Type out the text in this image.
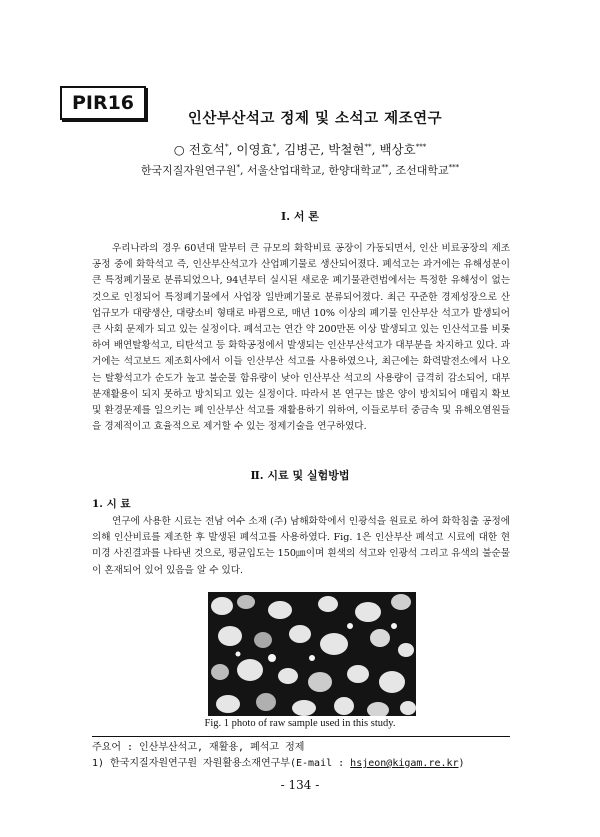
PIR16
인산부산석고 정제 및 소석고 제조연구
○ 전호석*, 이영효*, 김병곤, 박철현**, 백상호***
한국지질자원연구원*, 서울산업대학교, 한양대학교**, 조선대학교***
Ⅰ. 서 론

우리나라의 경우 60년대 말부터 큰 규모의 화학비료 공장이 가동되면서, 인산 비료공장의 제조공정 중에 화학석고 즉, 인산부산석고가 산업폐기물로 생산되어졌다. 폐석고는 과거에는 유해성분이 큰 특정폐기물로 분류되었으나, 94년부터 실시된 새로운 폐기물관련법에서는 특정한 유해성이 없는 것으로 인정되어 특정폐기물에서 사업장 일반폐기물로 분류되어졌다. 최근 꾸준한 경제성장으로 산업규모가 대량생산, 대량소비 형태로 바뀜으로, 매년 10% 이상의 폐기물 인산부산 석고가 발생되어 큰 사회 문제가 되고 있는 실정이다. 폐석고는 연간 약 200만톤 이상 발생되고 있는 인산석고를 비롯하여 배연탈황석고, 티탄석고 등 화학공정에서 발생되는 인산부산석고가 대부분을 차지하고 있다. 과거에는 석고보드 제조회사에서 이들 인산부산 석고를 사용하였으나, 최근에는 화력발전소에서 나오는 탈황석고가 순도가 높고 불순물 함유량이 낮아 인산부산 석고의 사용량이 급격히 감소되어, 대부분재활용이 되지 못하고 방치되고 있는 실정이다. 따라서 본 연구는 많은 양이 방치되어 매립지 확보 및 환경문제를 일으키는 폐 인산부산 석고를 재활용하기 위하여, 이들로부터 중금속 및 유해오염원들을 경제적이고 효율적으로 제거할 수 있는 정제기술을 연구하였다.

Ⅱ. 시료 및 실험방법
1. 시 료

연구에 사용한 시료는 전남 여수 소재 (주) 남해화학에서 인광석을 원료로 하여 화학침출 공정에 의해 인산비료를 제조한 후 발생된 폐석고를 사용하였다. Fig. 1은 인산부산 폐석고 시료에 대한 현미경 사진결과를 나타낸 것으로, 평균입도는 150㎛이며 흰색의 석고와 인광석 그리고 유색의 불순물이 혼재되어 있어 있음을 알 수 있다.

Fig. 1 photo of raw sample used in this study.
주요어 : 인산부산석고, 재활용, 폐석고 정제
1) 한국지질자원연구원 자원활용소재연구부(E-mail : hsjeon@kigam.re.kr)
- 134 -
